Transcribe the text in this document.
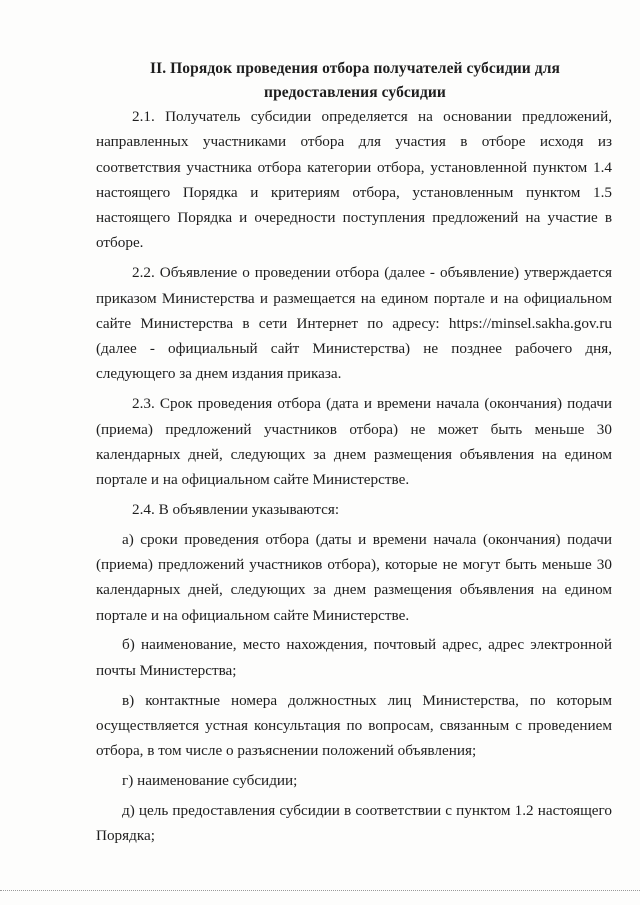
II. Порядок проведения отбора получателей субсидии для
предоставления субсидии

2.1. Получатель субсидии определяется на основании предложений, направленных участниками отбора для участия в отборе исходя из соответствия участника отбора категории отбора, установленной пунктом 1.4 настоящего Порядка и критериям отбора, установленным пунктом 1.5 настоящего Порядка и очередности поступления предложений на участие в отборе.

2.2. Объявление о проведении отбора (далее - объявление) утверждается приказом Министерства и размещается на едином портале и на официальном сайте Министерства в сети Интернет по адресу: https://minsel.sakha.gov.ru (далее - официальный сайт Министерства) не позднее рабочего дня, следующего за днем издания приказа.

2.3. Срок проведения отбора (дата и времени начала (окончания) подачи (приема) предложений участников отбора) не может быть меньше 30 календарных дней, следующих за днем размещения объявления на едином портале и на официальном сайте Министерстве.

2.4. В объявлении указываются:

а) сроки проведения отбора (даты и времени начала (окончания) подачи (приема) предложений участников отбора), которые не могут быть меньше 30 календарных дней, следующих за днем размещения объявления на едином портале и на официальном сайте Министерстве.

б) наименование, место нахождения, почтовый адрес, адрес электронной почты Министерства;

в) контактные номера должностных лиц Министерства, по которым осуществляется устная консультация по вопросам, связанным с проведением отбора, в том числе о разъяснении положений объявления;

г) наименование субсидии;

д) цель предоставления субсидии в соответствии с пунктом 1.2 настоящего Порядка;
